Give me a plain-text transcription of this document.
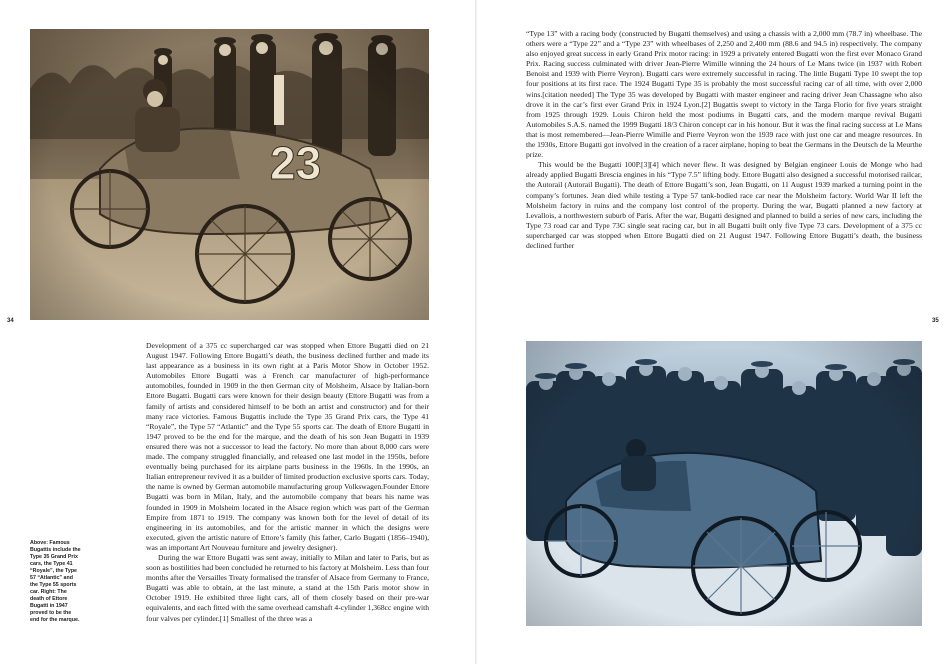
“Type 13” with a racing body (constructed by Bugatti themselves) and using a chassis with a 2,000 mm (78.7 in) wheelbase. The others were a “Type 22” and a “Type 23” with wheelbases of 2,250 and 2,400 mm (88.6 and 94.5 in) respectively. The company also enjoyed great success in early Grand Prix motor racing: in 1929 a privately entered Bugatti won the first ever Monaco Grand Prix. Racing success culminated with driver Jean-Pierre Wimille winning the 24 hours of Le Mans twice (in 1937 with Robert Benoist and 1939 with Pierre Veyron). Bugatti cars were extremely successful in racing. The little Bugatti Type 10 swept the top four positions at its first race. The 1924 Bugatti Type 35 is probably the most successful racing car of all time, with over 2,000 wins.[citation needed] The Type 35 was developed by Bugatti with master engineer and racing driver Jean Chassagne who also drove it in the car’s first ever Grand Prix in 1924 Lyon.[2] Bugattis swept to victory in the Targa Florio for five years straight from 1925 through 1929. Louis Chiron held the most podiums in Bugatti cars, and the modern marque revival Bugatti Automobiles S.A.S. named the 1999 Bugatti 18/3 Chiron concept car in his honour. But it was the final racing success at Le Mans that is most remembered—Jean-Pierre Wimille and Pierre Veyron won the 1939 race with just one car and meagre resources. In the 1930s, Ettore Bugatti got involved in the creation of a racer airplane, hoping to beat the Germans in the Deutsch de la Meurthe prize.

This would be the Bugatti 100P.[3][4] which never flew. It was designed by Belgian engineer Louis de Monge who had already applied Bugatti Brescia engines in his “Type 7.5” lifting body. Ettore Bugatti also designed a successful motorised railcar, the Autorail (Autorail Bugatti). The death of Ettore Bugatti’s son, Jean Bugatti, on 11 August 1939 marked a turning point in the company’s fortunes. Jean died while testing a Type 57 tank-bodied race car near the Molsheim factory. World War II left the Molsheim factory in ruins and the company lost control of the property. During the war, Bugatti planned a new factory at Levallois, a northwestern suburb of Paris. After the war, Bugatti designed and planned to build a series of new cars, including the Type 73 road car and Type 73C single seat racing car, but in all Bugatti built only five Type 73 cars. Development of a 375 cc supercharged car was stopped when Ettore Bugatti died on 21 August 1947. Following Ettore Bugatti’s death, the business declined further

Development of a 375 cc supercharged car was stopped when Ettore Bugatti died on 21 August 1947. Following Ettore Bugatti’s death, the business declined further and made its last appearance as a business in its own right at a Paris Motor Show in October 1952. Automobiles Ettore Bugatti was a French car manufacturer of high-performance automobiles, founded in 1909 in the then German city of Molsheim, Alsace by Italian-born Ettore Bugatti. Bugatti cars were known for their design beauty (Ettore Bugatti was from a family of artists and considered himself to be both an artist and constructor) and for their many race victories. Famous Bugattis include the Type 35 Grand Prix cars, the Type 41 “Royale”, the Type 57 “Atlantic” and the Type 55 sports car. The death of Ettore Bugatti in 1947 proved to be the end for the marque, and the death of his son Jean Bugatti in 1939 ensured there was not a successor to lead the factory. No more than about 8,000 cars were made. The company struggled financially, and released one last model in the 1950s, before eventually being purchased for its airplane parts business in the 1960s. In the 1990s, an Italian entrepreneur revived it as a builder of limited production exclusive sports cars. Today, the name is owned by German automobile manufacturing group Volkswagen.Founder Ettore Bugatti was born in Milan, Italy, and the automobile company that bears his name was founded in 1909 in Molsheim located in the Alsace region which was part of the German Empire from 1871 to 1919. The company was known both for the level of detail of its engineering in its automobiles, and for the artistic manner in which the designs were executed, given the artistic nature of Ettore’s family (his father, Carlo Bugatti (1856–1940), was an important Art Nouveau furniture and jewelry designer).

During the war Ettore Bugatti was sent away, initially to Milan and later to Paris, but as soon as hostilities had been concluded he returned to his factory at Molsheim. Less than four months after the Versailles Treaty formalised the transfer of Alsace from Germany to France, Bugatti was able to obtain, at the last minute, a stand at the 15th Paris motor show in October 1919. He exhibited three light cars, all of them closely based on their pre-war equivalents, and each fitted with the same overhead camshaft 4-cylinder 1,368cc engine with four valves per cylinder.[1] Smallest of the three was a

Above: Famous Bugattis include the Type 35 Grand Prix cars, the Type 41 “Royale”, the Type 57 “Atlantic” and the Type 55 sports car. Right: The death of Ettore Bugatti in 1947 proved to be the end for the marque.
34	35
